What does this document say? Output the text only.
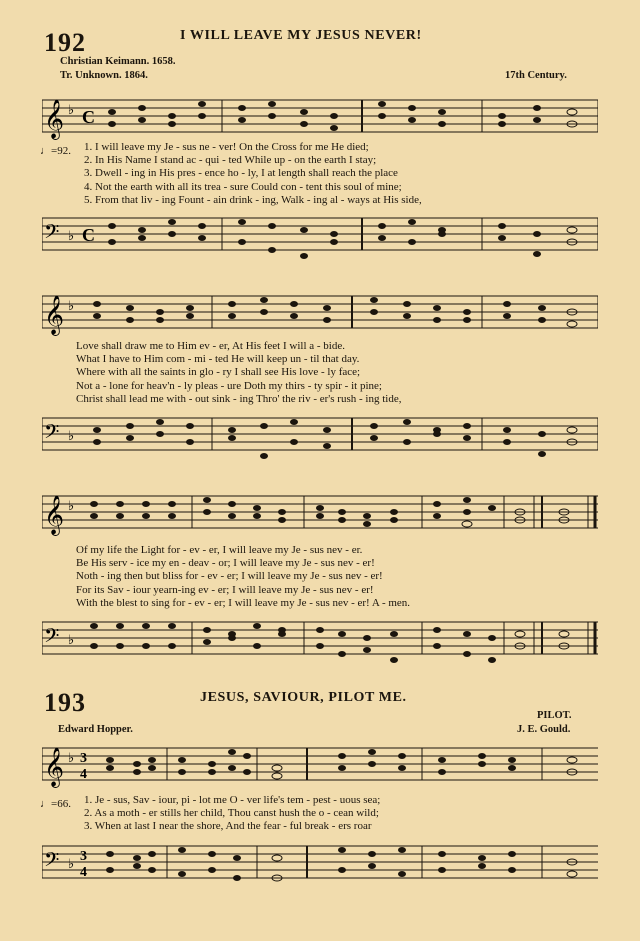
192	I WILL LEAVE MY JESUS NEVER!
Christian Keimann. 1658.
Tr. Unknown. 1864.	17th Century.
𝄞 ♭ C
♩=92. 1. I will leave my Je - sus ne - ver! On the Cross for me He died;
2. In His Name I stand ac - qui - ted While up - on the earth I stay;
3. Dwell - ing in His pres - ence ho - ly, I at length shall reach the place
4. Not the earth with all its trea - sure Could con - tent this soul of mine;
5. From that liv - ing Fount - ain drink - ing, Walk - ing al - ways at His side,
𝄢 ♭ C
𝄞 ♭
Love shall draw me to Him ev - er, At His feet I will a - bide.
What I have to Him com - mi - ted He will keep un - til that day.
Where with all the saints in glo - ry I shall see His love - ly face;
Not a - lone for heav'n - ly pleas - ure Doth my thirs - ty spir - it pine;
Christ shall lead me with - out sink - ing Thro' the riv - er's rush - ing tide,
𝄢 ♭
𝄞 ♭
Of my life the Light for - ev - er, I will leave my Je - sus nev - er.
Be His serv - ice my en - deav - or; I will leave my Je - sus nev - er!
Noth - ing then but bliss for - ev - er; I will leave my Je - sus nev - er!
For its Sav - iour yearn-ing ev - er; I will leave my Je - sus nev - er!
With the blest to sing for - ev - er; I will leave my Je - sus nev - er! A - men.
𝄢 ♭
193	JESUS, SAVIOUR, PILOT ME.
PILOT.
Edward Hopper.	J. E. Gould.
𝄞 ♭ 3
4
♩=66. 1. Je - sus, Sav - iour, pi - lot me O - ver life's tem - pest - uous sea;
2. As a moth - er stills her child, Thou canst hush the o - cean wild;
3. When at last I near the shore, And the fear - ful break - ers roar
𝄢 ♭ 3
4
